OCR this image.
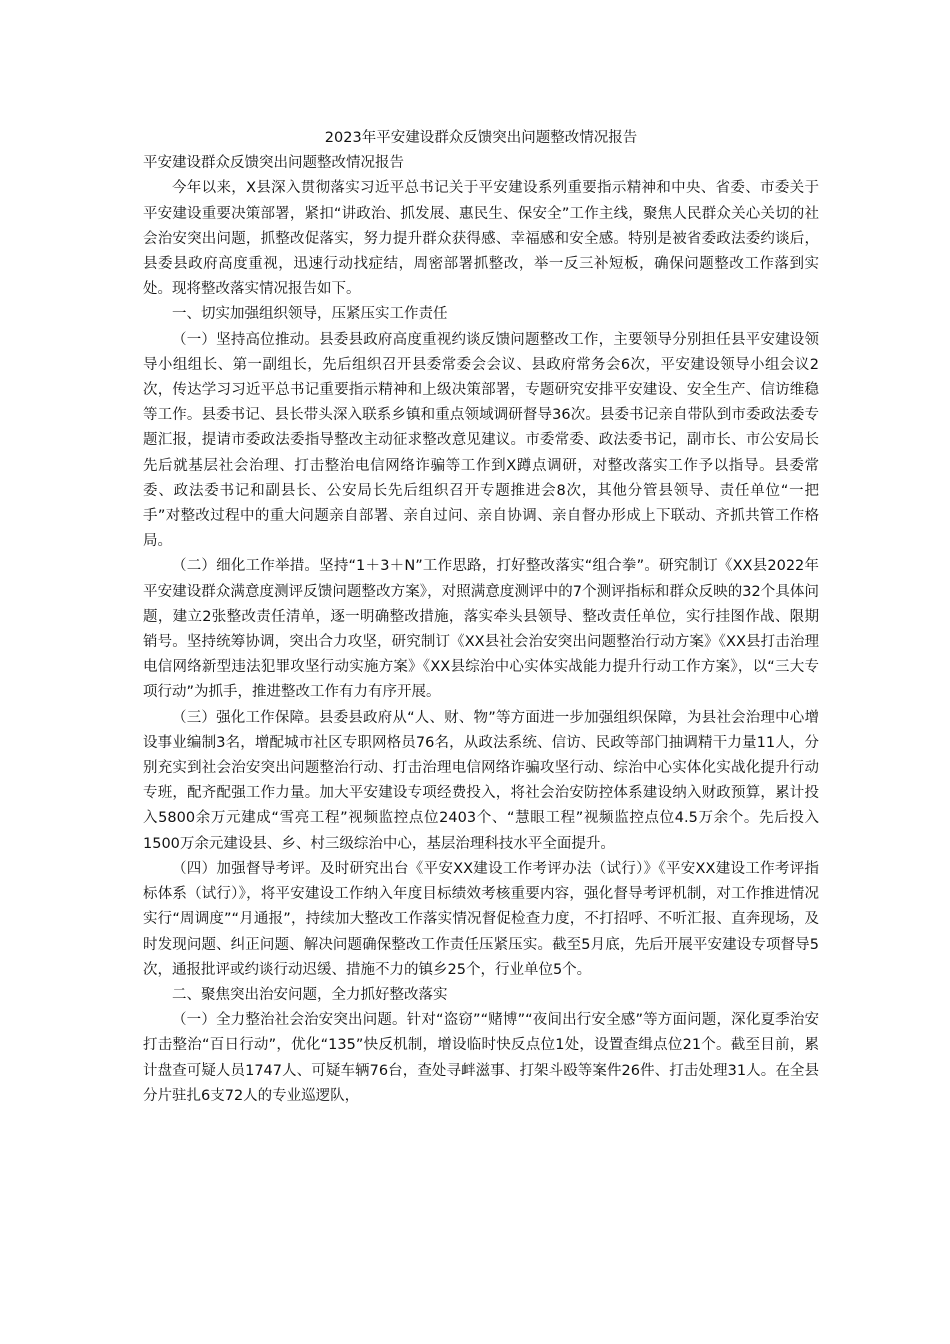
2023年平安建设群众反馈突出问题整改情况报告

平安建设群众反馈突出问题整改情况报告

今年以来，X县深入贯彻落实习近平总书记关于平安建设系列重要指示精神和中央、省委、市委关于平安建设重要决策部署，紧扣“讲政治、抓发展、惠民生、保安全”工作主线，聚焦人民群众关心关切的社会治安突出问题，抓整改促落实，努力提升群众获得感、幸福感和安全感。特别是被省委政法委约谈后，县委县政府高度重视，迅速行动找症结，周密部署抓整改，举一反三补短板，确保问题整改工作落到实处。现将整改落实情况报告如下。

一、切实加强组织领导，压紧压实工作责任

（一）坚持高位推动。县委县政府高度重视约谈反馈问题整改工作，主要领导分别担任县平安建设领导小组组长、第一副组长，先后组织召开县委常委会会议、县政府常务会6次，平安建设领导小组会议2次，传达学习习近平总书记重要指示精神和上级决策部署，专题研究安排平安建设、安全生产、信访维稳等工作。县委书记、县长带头深入联系乡镇和重点领域调研督导36次。县委书记亲自带队到市委政法委专题汇报，提请市委政法委指导整改主动征求整改意见建议。市委常委、政法委书记，副市长、市公安局长先后就基层社会治理、打击整治电信网络诈骗等工作到X蹲点调研，对整改落实工作予以指导。县委常委、政法委书记和副县长、公安局长先后组织召开专题推进会8次，其他分管县领导、责任单位“一把手”对整改过程中的重大问题亲自部署、亲自过问、亲自协调、亲自督办形成上下联动、齐抓共管工作格局。

（二）细化工作举措。坚持“1＋3＋N”工作思路，打好整改落实“组合拳”。研究制订《XX县2022年平安建设群众满意度测评反馈问题整改方案》，对照满意度测评中的7个测评指标和群众反映的32个具体问题，建立2张整改责任清单，逐一明确整改措施，落实牵头县领导、整改责任单位，实行挂图作战、限期销号。坚持统筹协调，突出合力攻坚，研究制订《XX县社会治安突出问题整治行动方案》《XX县打击治理电信网络新型违法犯罪攻坚行动实施方案》《XX县综治中心实体实战能力提升行动工作方案》，以“三大专项行动”为抓手，推进整改工作有力有序开展。

（三）强化工作保障。县委县政府从“人、财、物”等方面进一步加强组织保障，为县社会治理中心增设事业编制3名，增配城市社区专职网格员76名，从政法系统、信访、民政等部门抽调精干力量11人，分别充实到社会治安突出问题整治行动、打击治理电信网络诈骗攻坚行动、综治中心实体化实战化提升行动专班，配齐配强工作力量。加大平安建设专项经费投入，将社会治安防控体系建设纳入财政预算，累计投入5800余万元建成“雪亮工程”视频监控点位2403个、“慧眼工程”视频监控点位4.5万余个。先后投入1500万余元建设县、乡、村三级综治中心，基层治理科技水平全面提升。

（四）加强督导考评。及时研究出台《平安XX建设工作考评办法（试行）》《平安XX建设工作考评指标体系（试行）》，将平安建设工作纳入年度目标绩效考核重要内容，强化督导考评机制，对工作推进情况实行“周调度”“月通报”，持续加大整改工作落实情况督促检查力度，不打招呼、不听汇报、直奔现场，及时发现问题、纠正问题、解决问题确保整改工作责任压紧压实。截至5月底，先后开展平安建设专项督导5次，通报批评或约谈行动迟缓、措施不力的镇乡25个，行业单位5个。

二、聚焦突出治安问题，全力抓好整改落实

（一）全力整治社会治安突出问题。针对“盗窃”“赌博”“夜间出行安全感”等方面问题，深化夏季治安打击整治“百日行动”，优化“135”快反机制，增设临时快反点位1处，设置查缉点位21个。截至目前，累计盘查可疑人员1747人、可疑车辆76台，查处寻衅滋事、打架斗殴等案件26件、打击处理31人。在全县分片驻扎6支72人的专业巡逻队，
